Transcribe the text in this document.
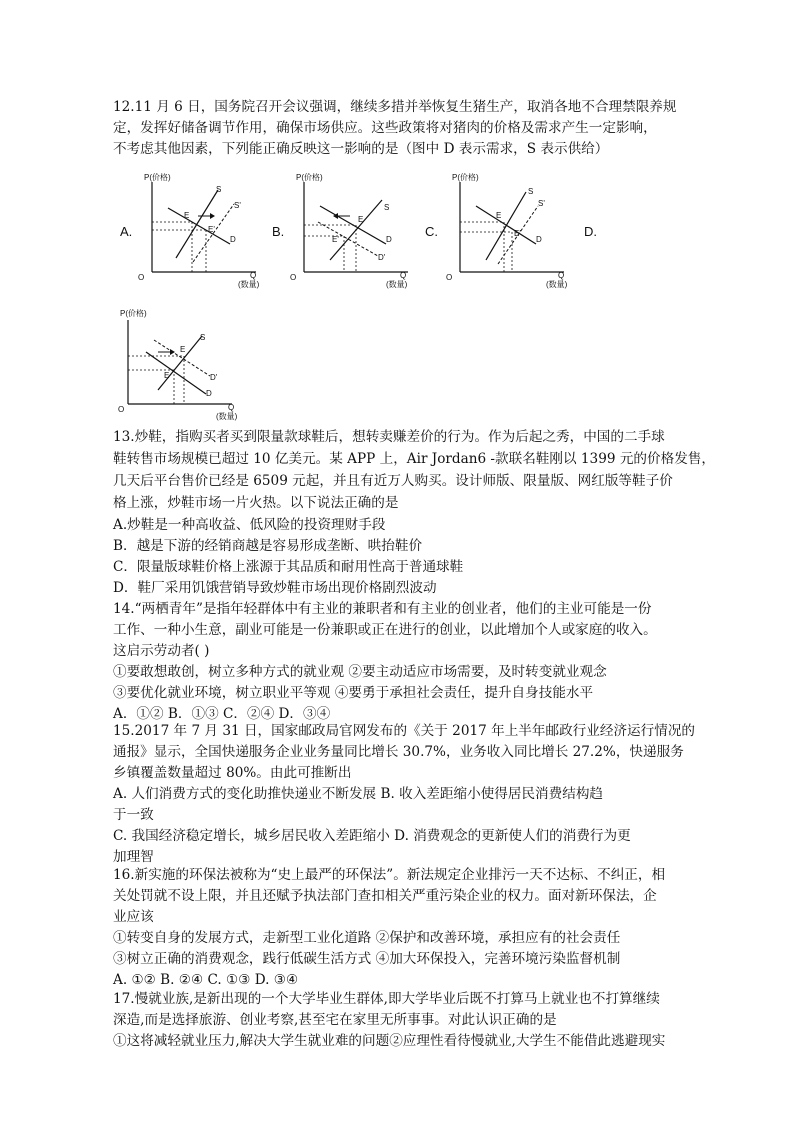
12.11 月 6 日，国务院召开会议强调，继续多措并举恢复生猪生产，取消各地不合理禁限养规
定，发挥好储备调节作用，确保市场供应。这些政策将对猪肉的价格及需求产生一定影响，
不考虑其他因素，下列能正确反映这一影响的是（图中 D 表示需求，S 表示供给）
A.	B.	C.	D.
P(价格)
O	Q
(数量)
S
D
S'
E
E'
P(价格)
O	Q
(数量)
S
D
D'
E
E'
P(价格)
O	Q
(数量)
S
D
S'
E
E'
P(价格)
O	Q
(数量)
S
D
D'
E
E
13.炒鞋，指购买者买到限量款球鞋后，想转卖赚差价的行为。作为后起之秀，中国的二手球
鞋转售市场规模已超过 10 亿美元。某 APP 上，Air Jordan6 -款联名鞋刚以 1399 元的价格发售，
几天后平台售价已经是 6509 元起，并且有近万人购买。设计师版、限量版、网红版等鞋子价
格上涨，炒鞋市场一片火热。以下说法正确的是
A.炒鞋是一种高收益、低风险的投资理财手段
B．越是下游的经销商越是容易形成垄断、哄抬鞋价
C．限量版球鞋价格上涨源于其品质和耐用性高于普通球鞋
D．鞋厂采用饥饿营销导致炒鞋市场出现价格剧烈波动
14.“两栖青年”是指年轻群体中有主业的兼职者和有主业的创业者，他们的主业可能是一份
工作、一种小生意，副业可能是一份兼职或正在进行的创业，以此增加个人或家庭的收入。
这启示劳动者( )
①要敢想敢创，树立多种方式的就业观 ②要主动适应市场需要，及时转变就业观念
③要优化就业环境，树立职业平等观 ④要勇于承担社会责任，提升自身技能水平
A．①② B．①③ C．②④ D．③④
15.2017 年 7 月 31 日，国家邮政局官网发布的《关于 2017 年上半年邮政行业经济运行情况的
通报》显示，全国快递服务企业业务量同比增长 30.7%，业务收入同比增长 27.2%，快递服务
乡镇覆盖数量超过 80%。由此可推断出
A. 人们消费方式的变化助推快递业不断发展 B. 收入差距缩小使得居民消费结构趋
于一致
C. 我国经济稳定增长，城乡居民收入差距缩小 D. 消费观念的更新使人们的消费行为更
加理智
16.新实施的环保法被称为“史上最严的环保法”。新法规定企业排污一天不达标、不纠正，相
关处罚就不设上限，并且还赋予执法部门查扣相关严重污染企业的权力。面对新环保法，企
业应该
①转变自身的发展方式，走新型工业化道路 ②保护和改善环境，承担应有的社会责任
③树立正确的消费观念，践行低碳生活方式 ④加大环保投入，完善环境污染监督机制
A. ①② B. ②④ C. ①③ D. ③④
17.慢就业族,是新出现的一个大学毕业生群体,即大学毕业后既不打算马上就业也不打算继续
深造,而是选择旅游、创业考察,甚至宅在家里无所事事。对此认识正确的是
①这将减轻就业压力,解决大学生就业难的问题②应理性看待慢就业,大学生不能借此逃避现实
